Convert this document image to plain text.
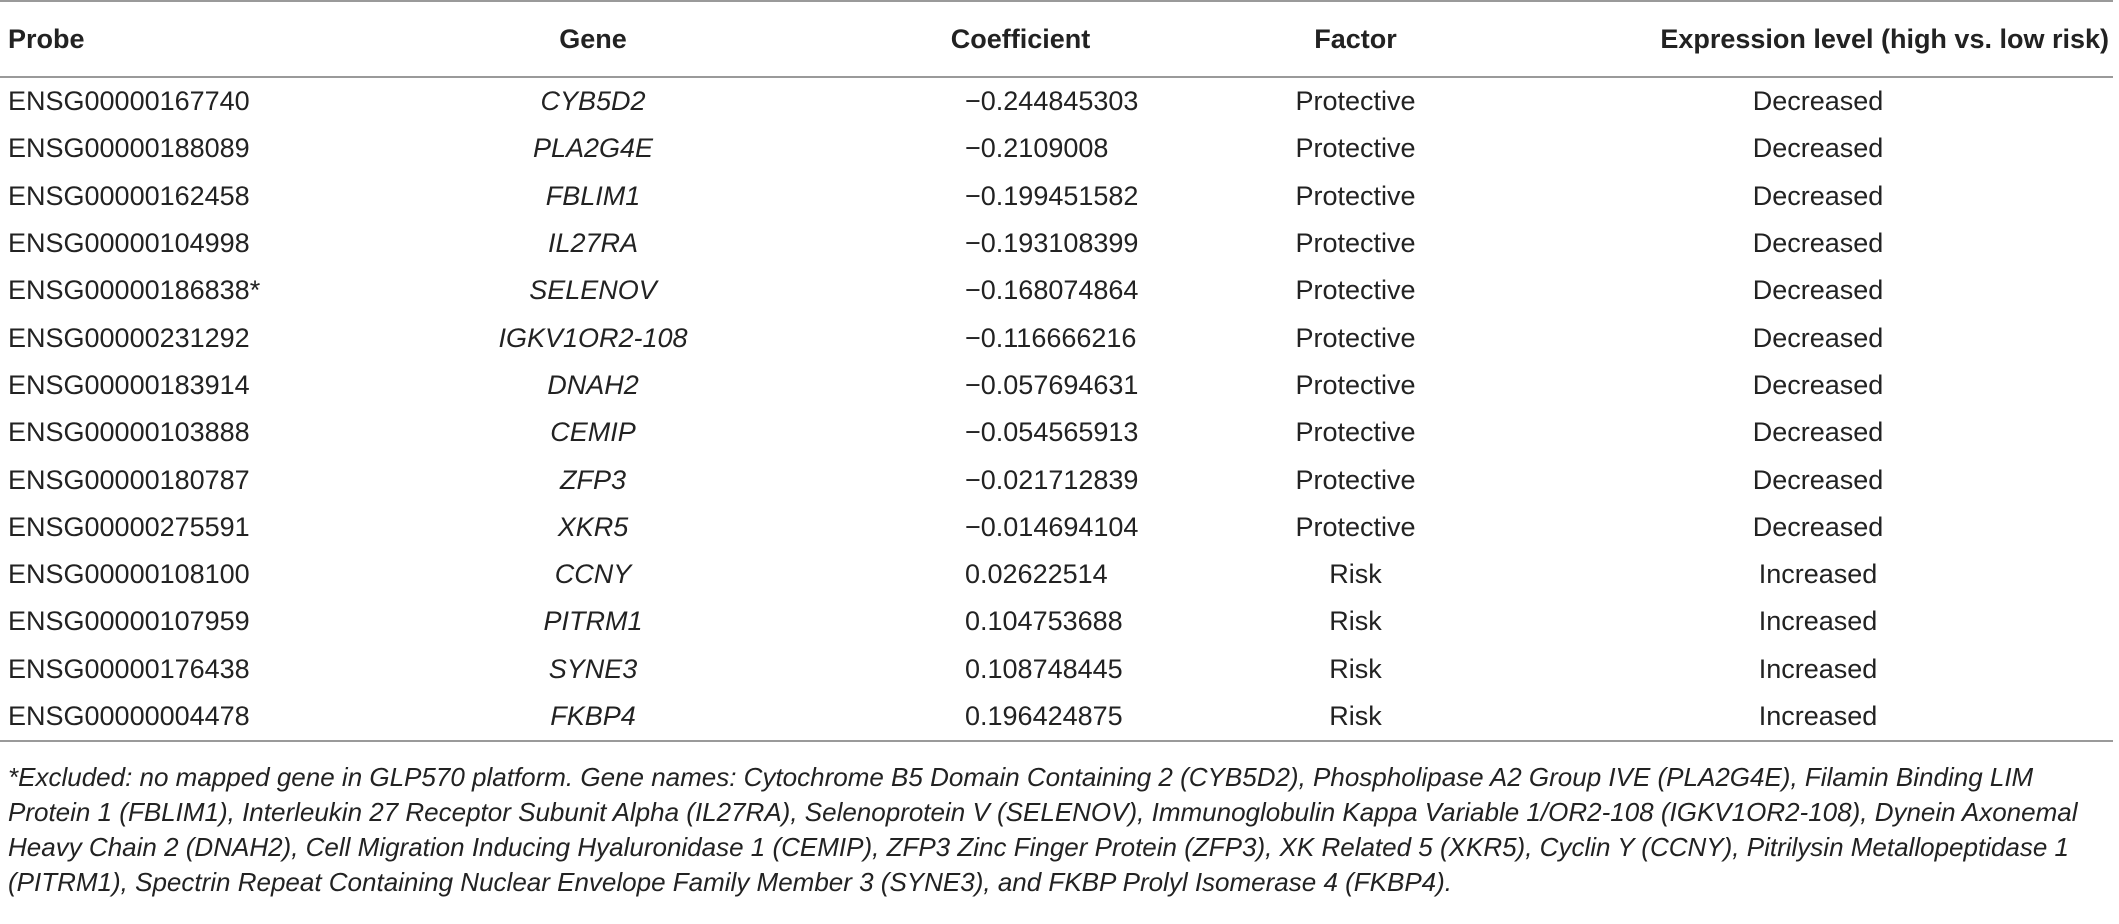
Probe	Gene	Coefficient	Factor	Expression level (high vs. low risk)
ENSG00000167740	CYB5D2	−0.244845303	Protective	Decreased
ENSG00000188089	PLA2G4E	−0.2109008	Protective	Decreased
ENSG00000162458	FBLIM1	−0.199451582	Protective	Decreased
ENSG00000104998	IL27RA	−0.193108399	Protective	Decreased
ENSG00000186838*	SELENOV	−0.168074864	Protective	Decreased
ENSG00000231292	IGKV1OR2-108	−0.116666216	Protective	Decreased
ENSG00000183914	DNAH2	−0.057694631	Protective	Decreased
ENSG00000103888	CEMIP	−0.054565913	Protective	Decreased
ENSG00000180787	ZFP3	−0.021712839	Protective	Decreased
ENSG00000275591	XKR5	−0.014694104	Protective	Decreased
ENSG00000108100	CCNY	0.02622514	Risk	Increased
ENSG00000107959	PITRM1	0.104753688	Risk	Increased
ENSG00000176438	SYNE3	0.108748445	Risk	Increased
ENSG00000004478	FKBP4	0.196424875	Risk	Increased
*Excluded: no mapped gene in GLP570 platform. Gene names: Cytochrome B5 Domain Containing 2 (CYB5D2), Phospholipase A2 Group IVE (PLA2G4E), Filamin Binding LIM Protein 1 (FBLIM1), Interleukin 27 Receptor Subunit Alpha (IL27RA), Selenoprotein V (SELENOV), Immunoglobulin Kappa Variable 1/OR2-108 (IGKV1OR2-108), Dynein Axonemal Heavy Chain 2 (DNAH2), Cell Migration Inducing Hyaluronidase 1 (CEMIP), ZFP3 Zinc Finger Protein (ZFP3), XK Related 5 (XKR5), Cyclin Y (CCNY), Pitrilysin Metallopeptidase 1 (PITRM1), Spectrin Repeat Containing Nuclear Envelope Family Member 3 (SYNE3), and FKBP Prolyl Isomerase 4 (FKBP4).
